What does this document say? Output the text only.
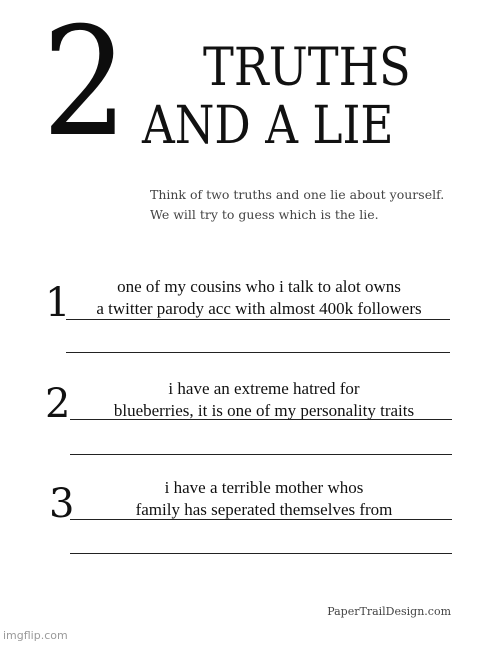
2 TRUTHS
AND A LIE
Think of two truths and one lie about yourself.
We will try to guess which is the lie.
1	one of my cousins who i talk to alot owns
a twitter parody acc with almost 400k followers
2	i have an extreme hatred for
blueberries, it is one of my personality traits
3	i have a terrible mother whos
family has seperated themselves from
PaperTrailDesign.com
imgflip.com
